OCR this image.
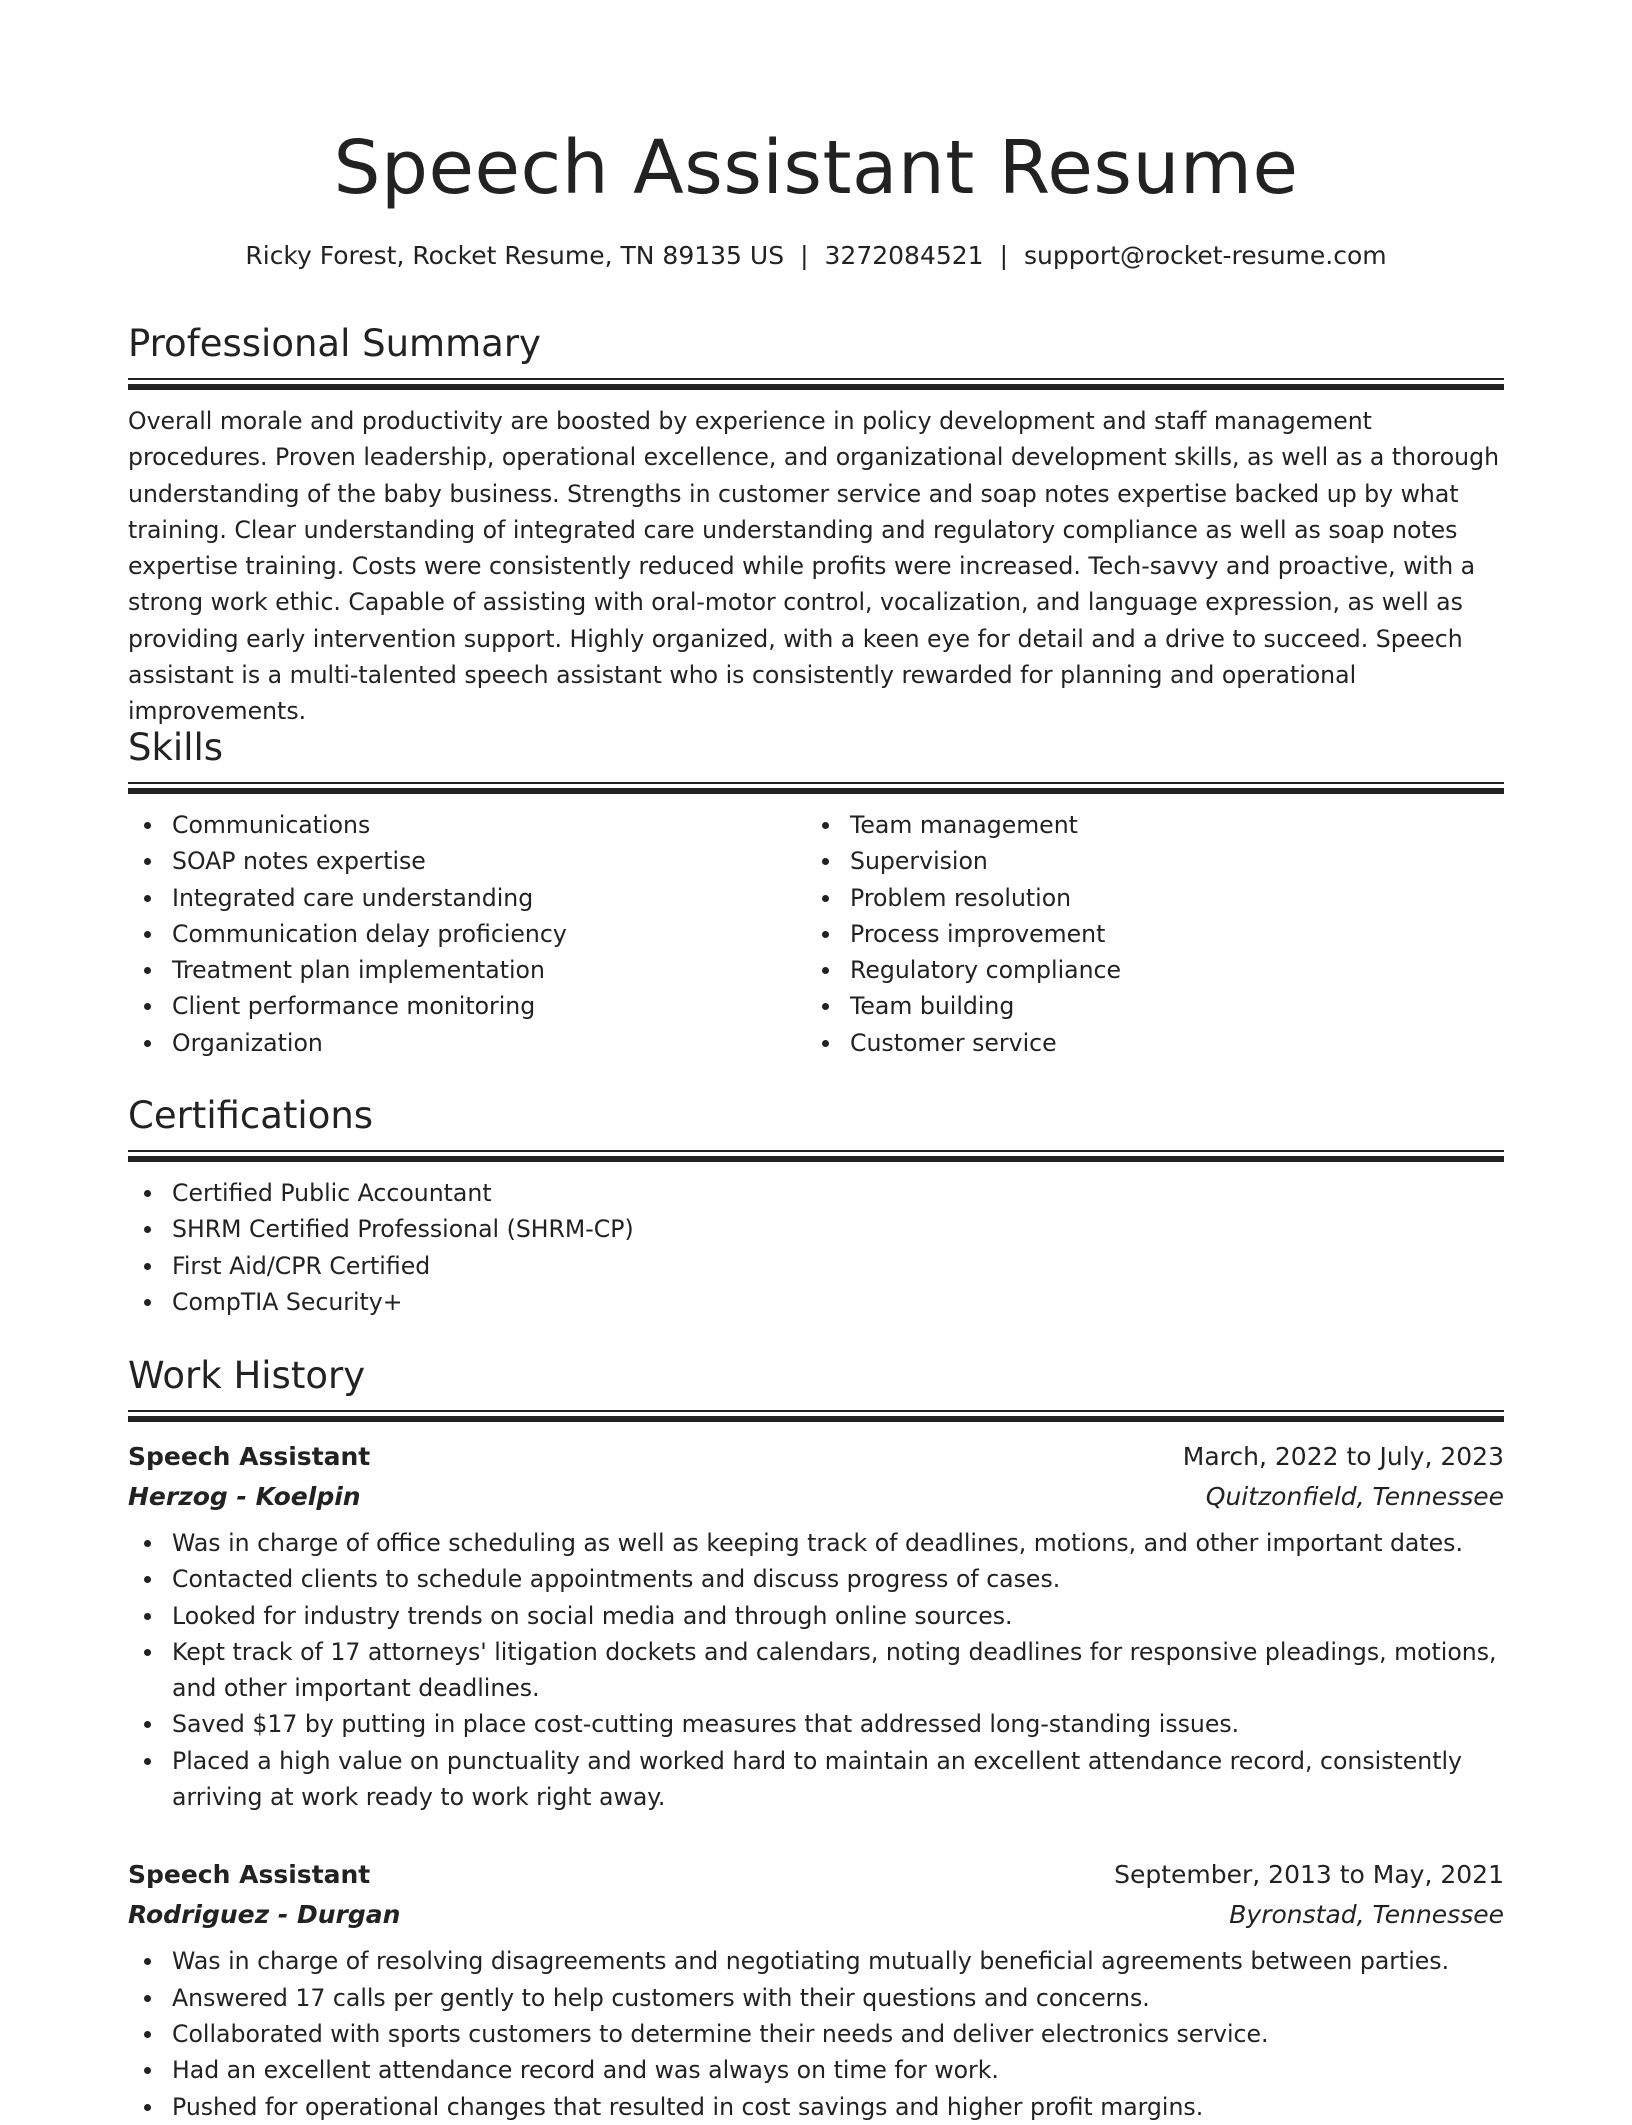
Speech Assistant Resume
Ricky Forest, Rocket Resume, TN 89135 US | 3272084521 | support@rocket-resume.com
Professional Summary
Overall morale and productivity are boosted by experience in policy development and staff management procedures. Proven leadership, operational excellence, and organizational development skills, as well as a thorough understanding of the baby business. Strengths in customer service and soap notes expertise backed up by what training. Clear understanding of integrated care understanding and regulatory compliance as well as soap notes expertise training. Costs were consistently reduced while profits were increased. Tech-savvy and proactive, with a strong work ethic. Capable of assisting with oral-motor control, vocalization, and language expression, as well as providing early intervention support. Highly organized, with a keen eye for detail and a drive to succeed. Speech assistant is a multi-talented speech assistant who is consistently rewarded for planning and operational improvements.
Skills
Communications
SOAP notes expertise
Integrated care understanding
Communication delay proficiency
Treatment plan implementation
Client performance monitoring
Organization
Team management
Supervision
Problem resolution
Process improvement
Regulatory compliance
Team building
Customer service
Certifications
Certified Public Accountant
SHRM Certified Professional (SHRM-CP)
First Aid/CPR Certified
CompTIA Security+
Work History
Speech Assistant	March, 2022 to July, 2023
Herzog - Koelpin	Quitzonfield, Tennessee
Was in charge of office scheduling as well as keeping track of deadlines, motions, and other important dates.
Contacted clients to schedule appointments and discuss progress of cases.
Looked for industry trends on social media and through online sources.
Kept track of 17 attorneys' litigation dockets and calendars, noting deadlines for responsive pleadings, motions, and other important deadlines.
Saved $17 by putting in place cost-cutting measures that addressed long-standing issues.
Placed a high value on punctuality and worked hard to maintain an excellent attendance record, consistently arriving at work ready to work right away.
Speech Assistant	September, 2013 to May, 2021
Rodriguez - Durgan	Byronstad, Tennessee
Was in charge of resolving disagreements and negotiating mutually beneficial agreements between parties.
Answered 17 calls per gently to help customers with their questions and concerns.
Collaborated with sports customers to determine their needs and deliver electronics service.
Had an excellent attendance record and was always on time for work.
Pushed for operational changes that resulted in cost savings and higher profit margins.
